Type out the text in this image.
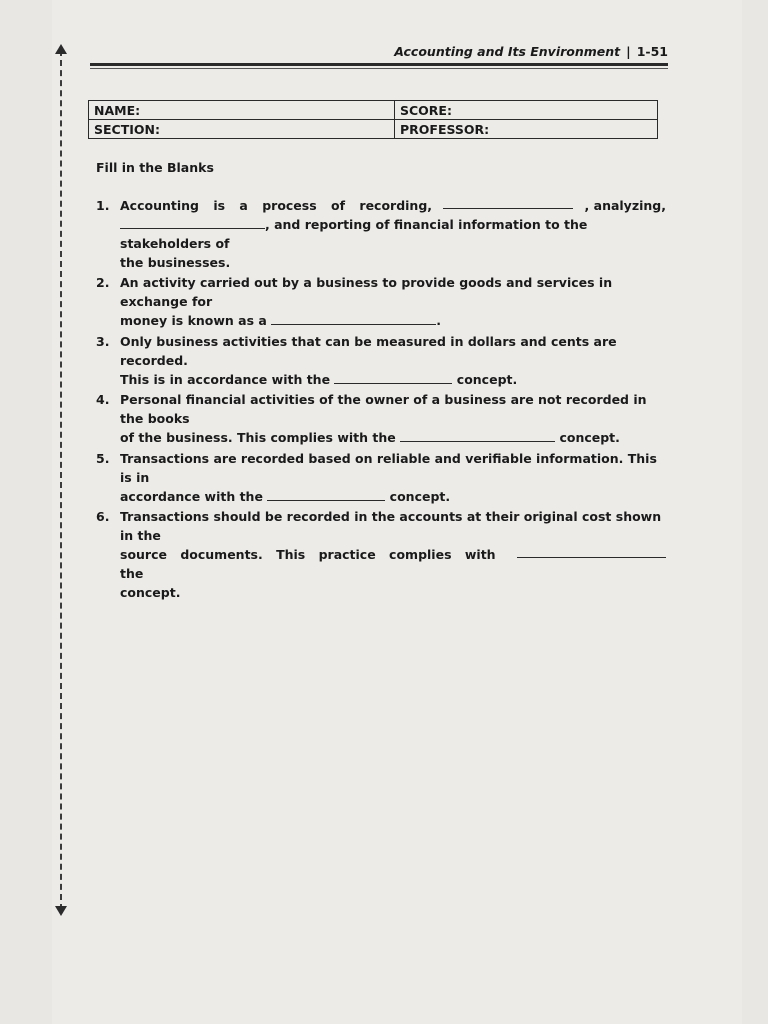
Accounting and Its Environment | 1-51
NAME:	SCORE:
SECTION:	PROFESSOR:
Fill in the Blanks
1. Accounting is a process of recording,	, analyzing,
, and reporting of financial information to the stakeholders of
the businesses.
2. An activity carried out by a business to provide goods and services in exchange for
money is known as a	.
3. Only business activities that can be measured in dollars and cents are recorded.
This is in accordance with the	concept.
4. Personal financial activities of the owner of a business are not recorded in the books
of the business. This complies with the	concept.
5. Transactions are recorded based on reliable and verifiable information. This is in
accordance with the	concept.
6. Transactions should be recorded in the accounts at their original cost shown in the
source documents. This practice complies with the
concept.
